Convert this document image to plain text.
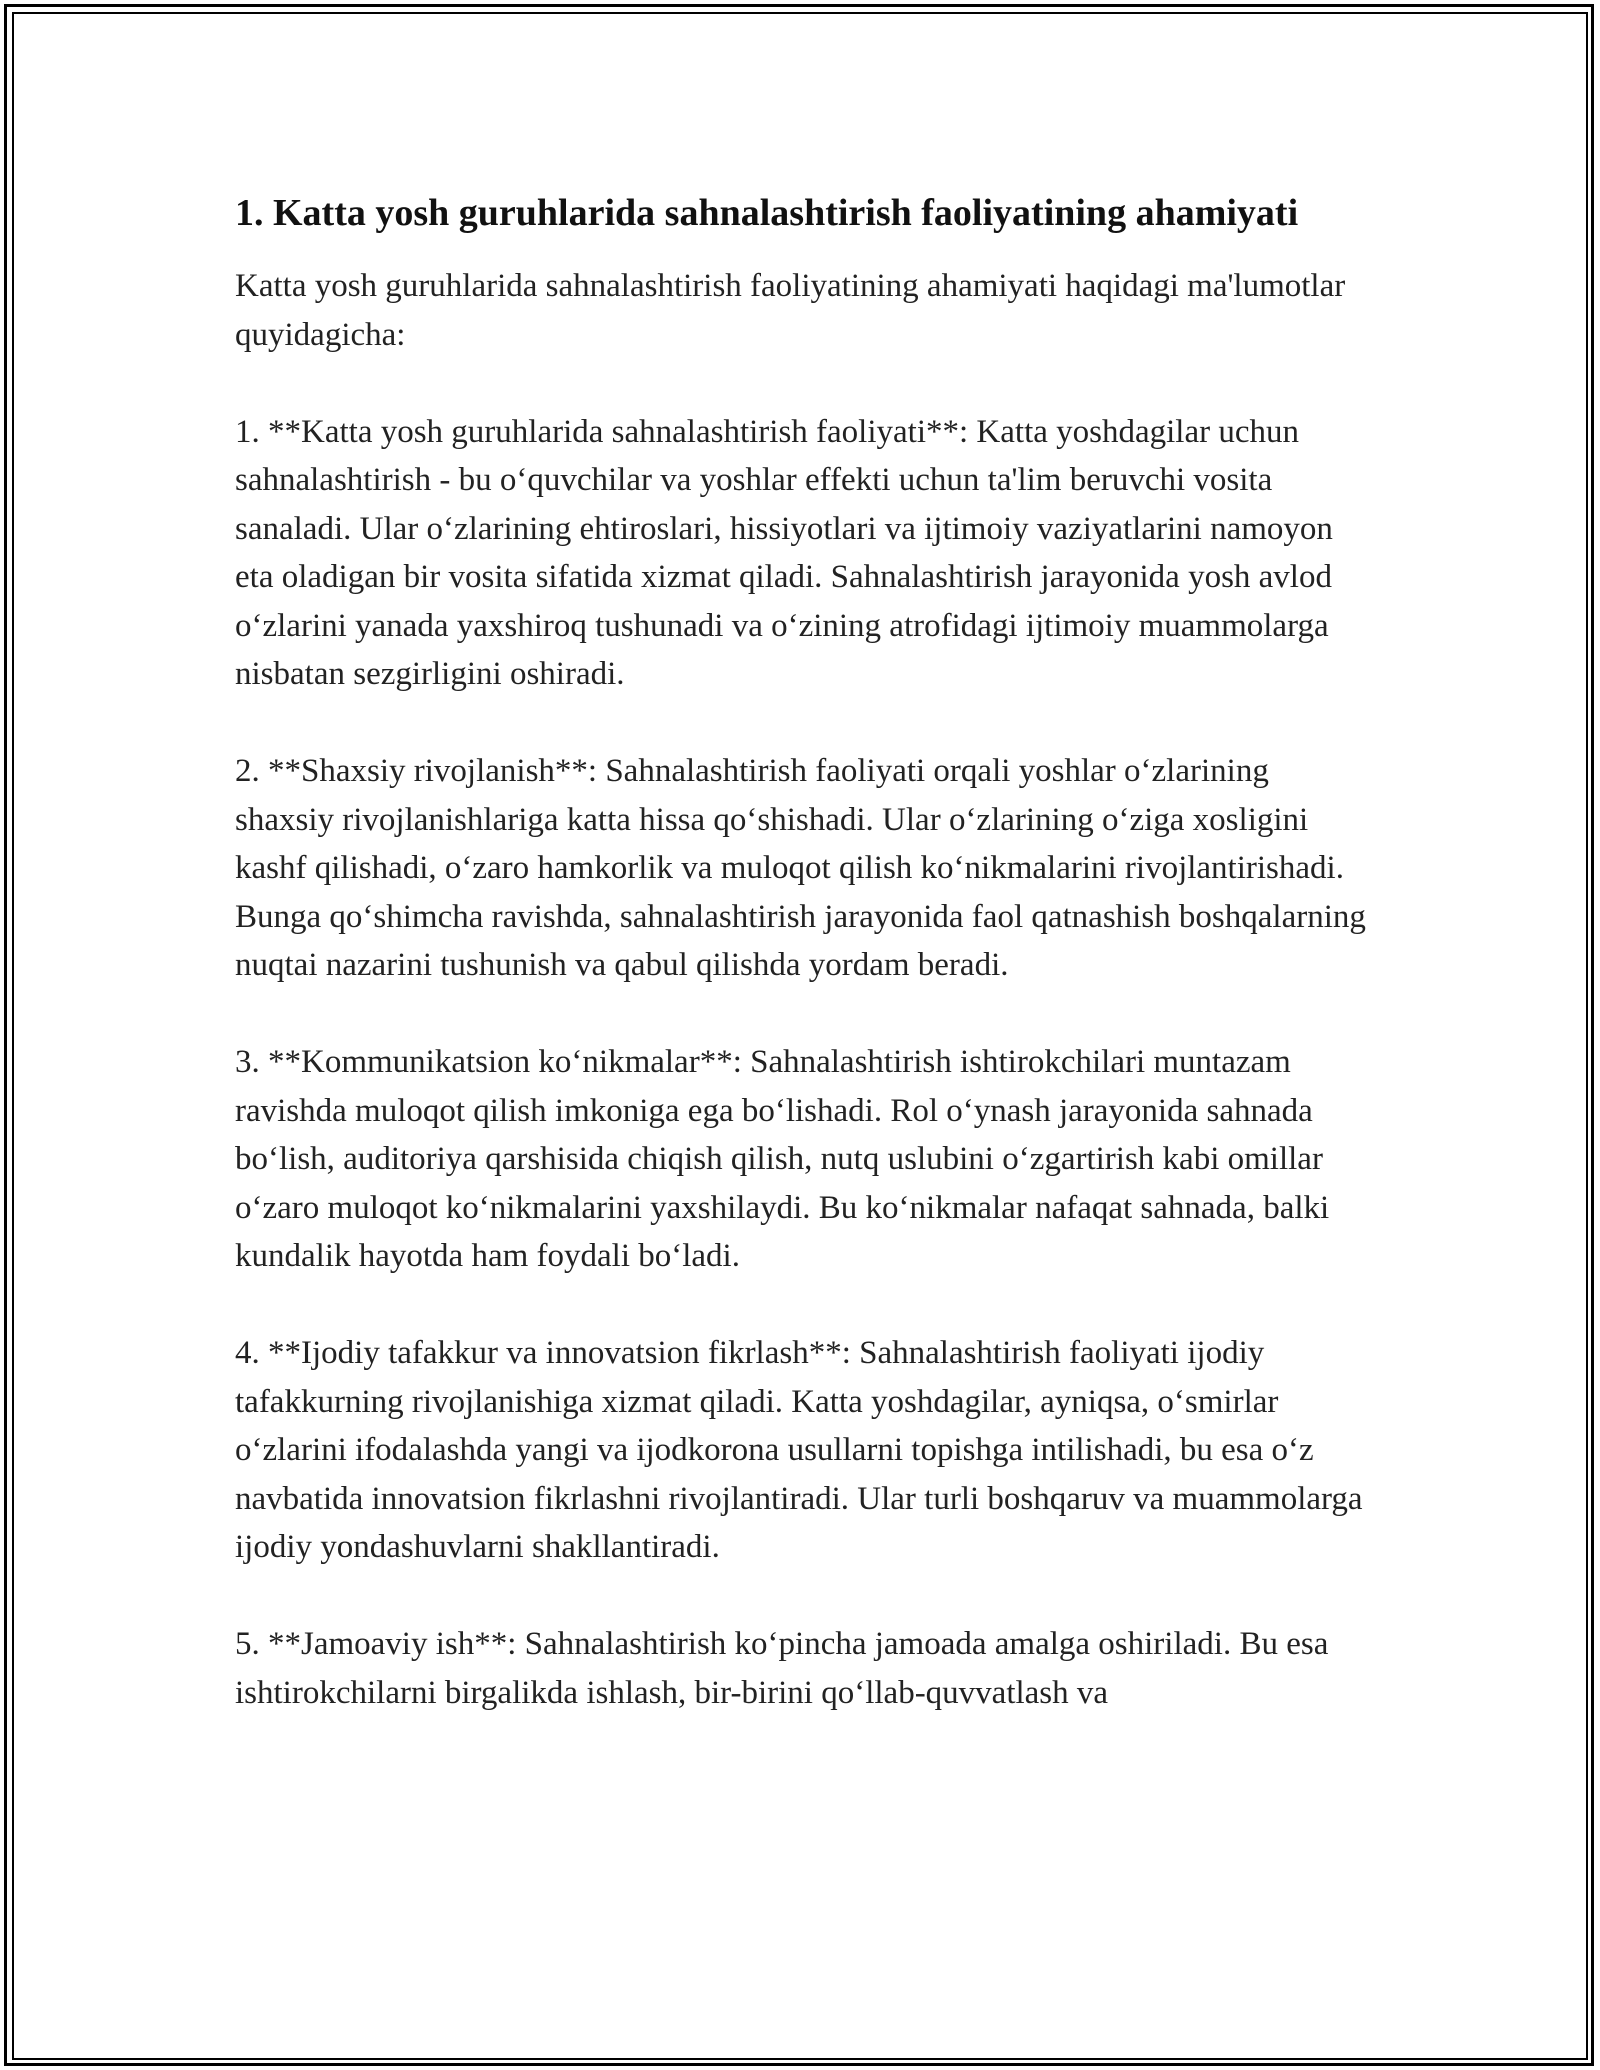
1. Katta yosh guruhlarida sahnalashtirish faoliyatining ahamiyati

Katta yosh guruhlarida sahnalashtirish faoliyatining ahamiyati haqidagi ma'lumotlar quyidagicha:

1. **Katta yosh guruhlarida sahnalashtirish faoliyati**: Katta yoshdagilar uchun sahnalashtirish - bu oʻquvchilar va yoshlar effekti uchun ta'lim beruvchi vosita sanaladi. Ular oʻzlarining ehtiroslari, hissiyotlari va ijtimoiy vaziyatlarini namoyon eta oladigan bir vosita sifatida xizmat qiladi. Sahnalashtirish jarayonida yosh avlod oʻzlarini yanada yaxshiroq tushunadi va oʻzining atrofidagi ijtimoiy muammolarga nisbatan sezgirligini oshiradi.

2. **Shaxsiy rivojlanish**: Sahnalashtirish faoliyati orqali yoshlar oʻzlarining shaxsiy rivojlanishlariga katta hissa qoʻshishadi. Ular oʻzlarining oʻziga xosligini kashf qilishadi, oʻzaro hamkorlik va muloqot qilish koʻnikmalarini rivojlantirishadi. Bunga qoʻshimcha ravishda, sahnalashtirish jarayonida faol qatnashish boshqalarning nuqtai nazarini tushunish va qabul qilishda yordam beradi.

3. **Kommunikatsion koʻnikmalar**: Sahnalashtirish ishtirokchilari muntazam ravishda muloqot qilish imkoniga ega boʻlishadi. Rol oʻynash jarayonida sahnada boʻlish, auditoriya qarshisida chiqish qilish, nutq uslubini oʻzgartirish kabi omillar oʻzaro muloqot koʻnikmalarini yaxshilaydi. Bu koʻnikmalar nafaqat sahnada, balki kundalik hayotda ham foydali boʻladi.

4. **Ijodiy tafakkur va innovatsion fikrlash**: Sahnalashtirish faoliyati ijodiy tafakkurning rivojlanishiga xizmat qiladi. Katta yoshdagilar, ayniqsa, oʻsmirlar oʻzlarini ifodalashda yangi va ijodkorona usullarni topishga intilishadi, bu esa oʻz navbatida innovatsion fikrlashni rivojlantiradi. Ular turli boshqaruv va muammolarga ijodiy yondashuvlarni shakllantiradi.

5. **Jamoaviy ish**: Sahnalashtirish koʻpincha jamoada amalga oshiriladi. Bu esa ishtirokchilarni birgalikda ishlash, bir-birini qoʻllab-quvvatlash va
